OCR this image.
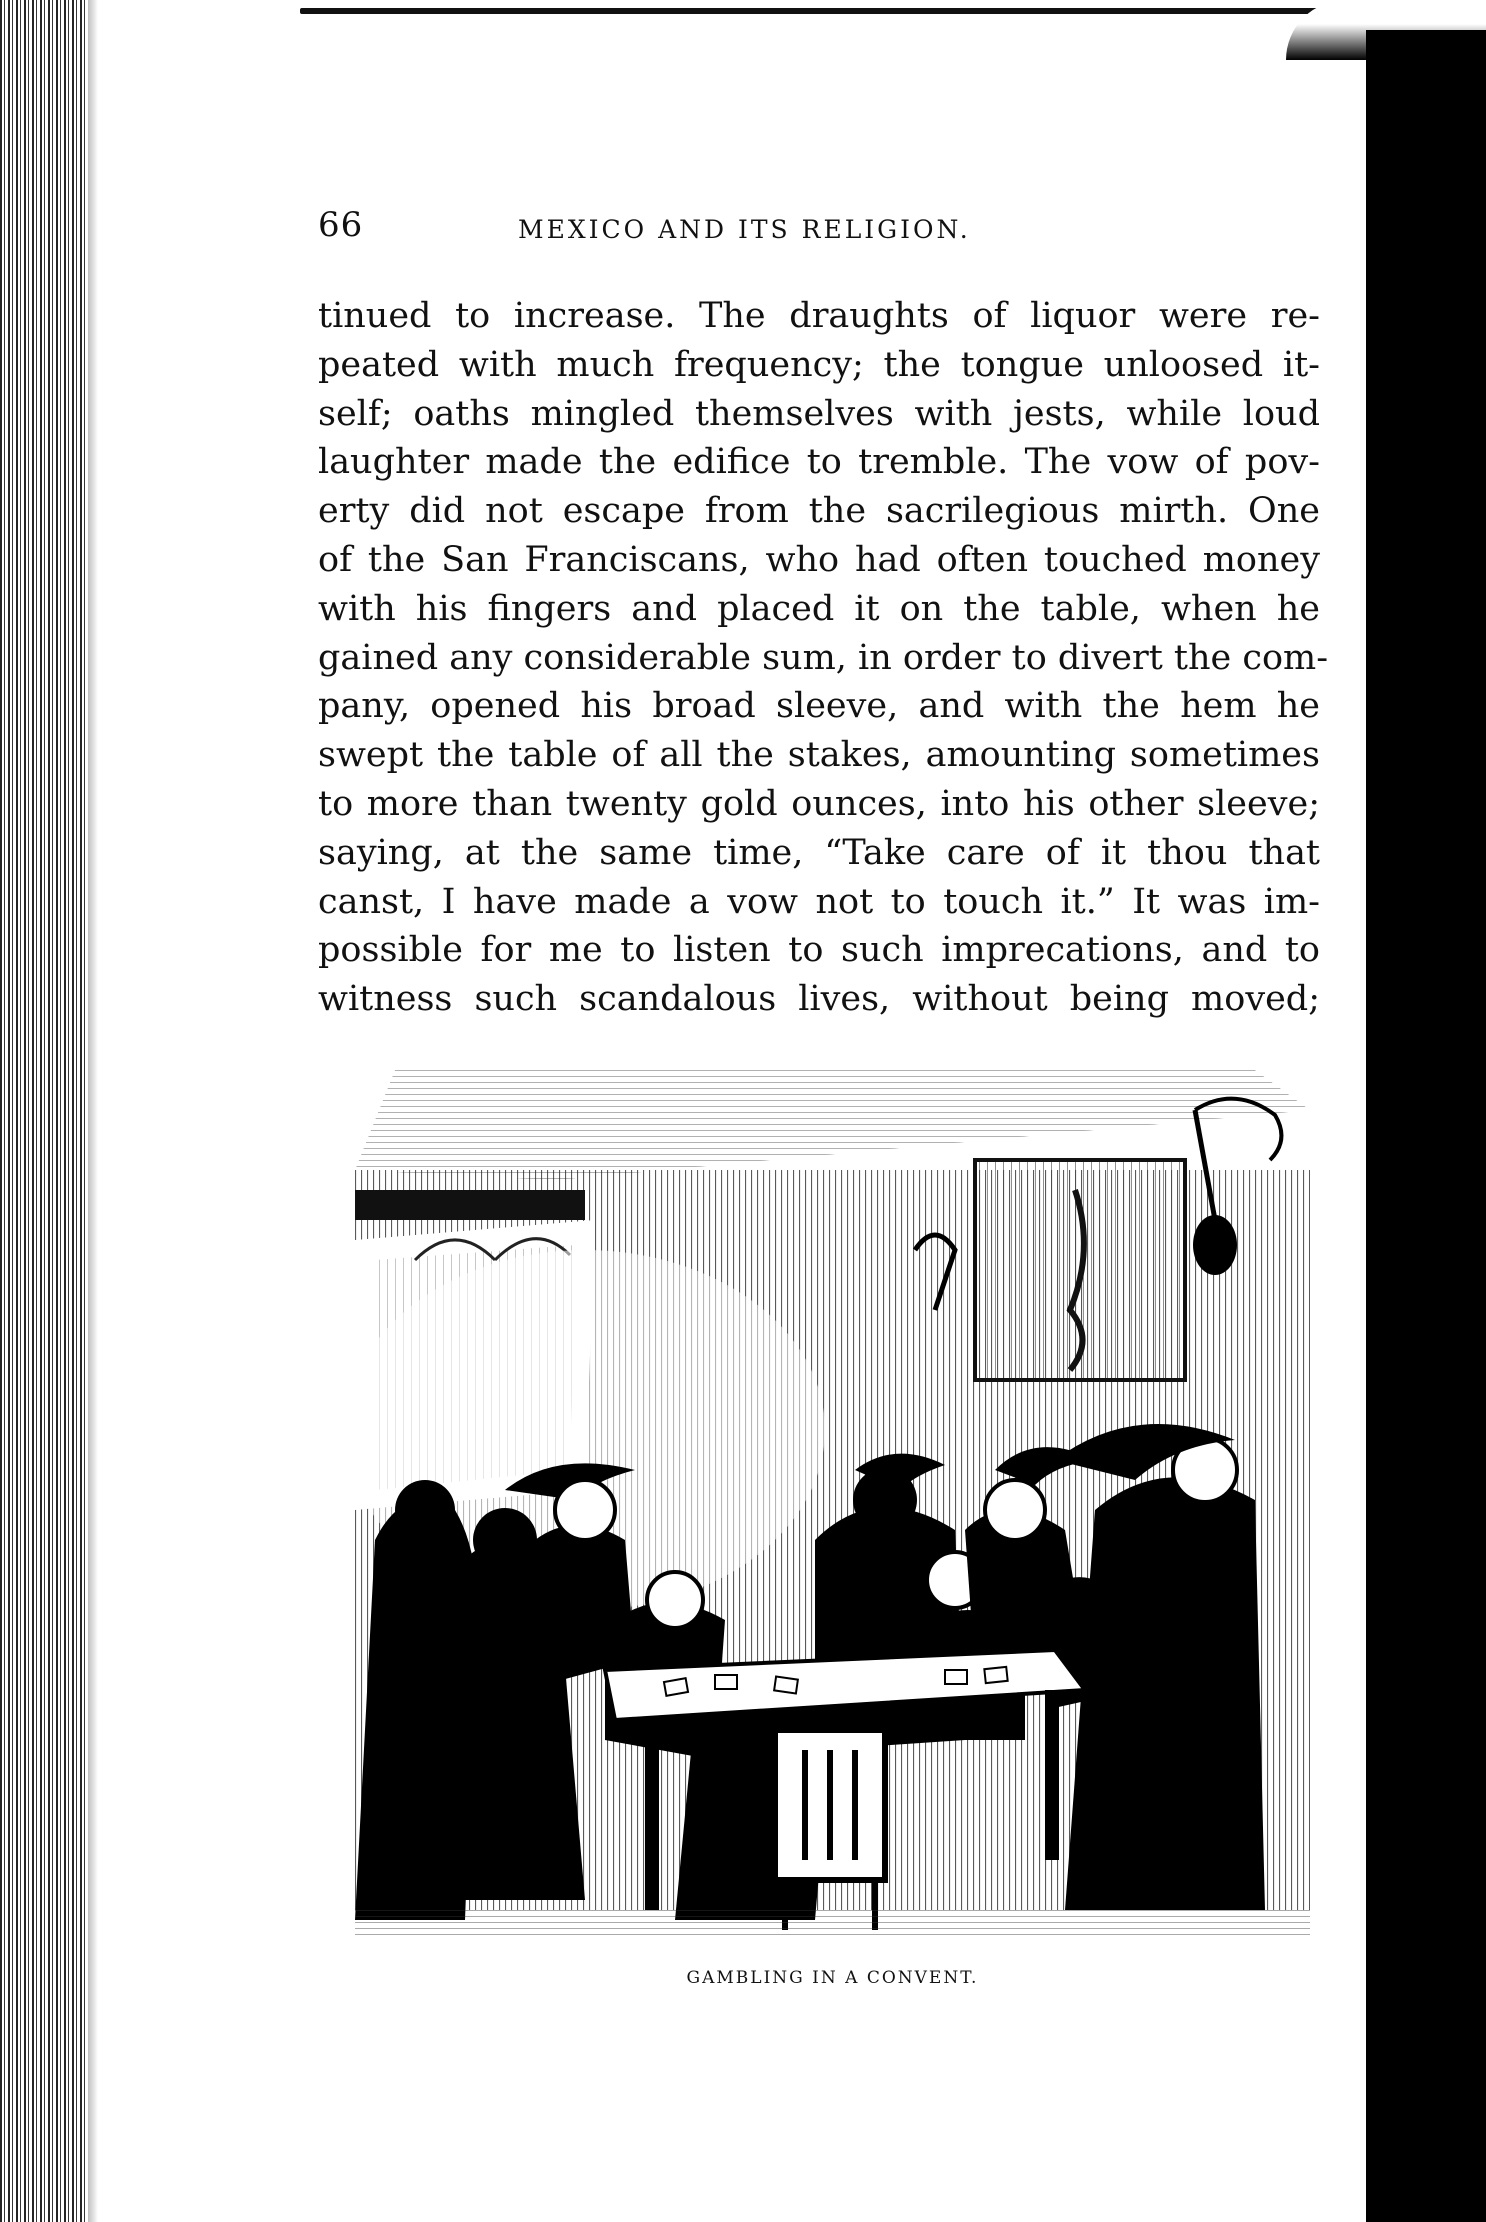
66	MEXICO AND ITS RELIGION.
tinued to increase. The draughts of liquor were re-
peated with much frequency; the tongue unloosed it-
self; oaths mingled themselves with jests, while loud
laughter made the edifice to tremble. The vow of pov-
erty did not escape from the sacrilegious mirth. One
of the San Franciscans, who had often touched money
with his fingers and placed it on the table, when he
gained any considerable sum, in order to divert the com-
pany, opened his broad sleeve, and with the hem he
swept the table of all the stakes, amounting sometimes
to more than twenty gold ounces, into his other sleeve;
saying, at the same time, “Take care of it thou that
canst, I have made a vow not to touch it.” It was im-
possible for me to listen to such imprecations, and to
witness such scandalous lives, without being moved;
GAMBLING IN A CONVENT.
